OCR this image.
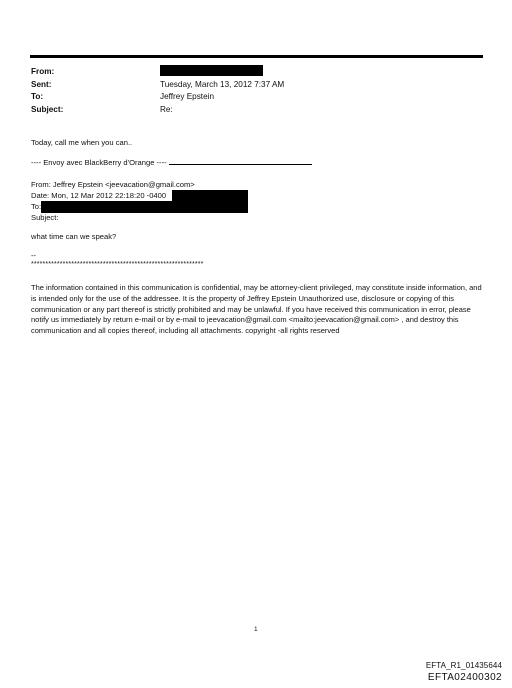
From:
Sent:	Tuesday, March 13, 2012 7:37 AM
To:	Jeffrey Epstein
Subject:	Re:
Today, call me when you can..
---- Envoy avec BlackBerry d'Orange ----
From: Jeffrey Epstein <jeevacation@gmail.com>
Date: Mon, 12 Mar 2012 22:18:20 -0400
To:
Subject:
what time can we speak?
--
************************************************************
The information contained in this communication is confidential, may be attorney-client privileged, may constitute inside information, and is intended only for the use of the addressee. It is the property of Jeffrey Epstein Unauthorized use, disclosure or copying of this communication or any part thereof is strictly prohibited and may be unlawful. If you have received this communication in error, please notify us immediately by return e-mail or by e-mail to jeevacation@gmail.com <mailto:jeevacation@gmail.com> , and destroy this communication and all copies thereof, including all attachments. copyright -all rights reserved
1
EFTA_R1_01435644
EFTA02400302
